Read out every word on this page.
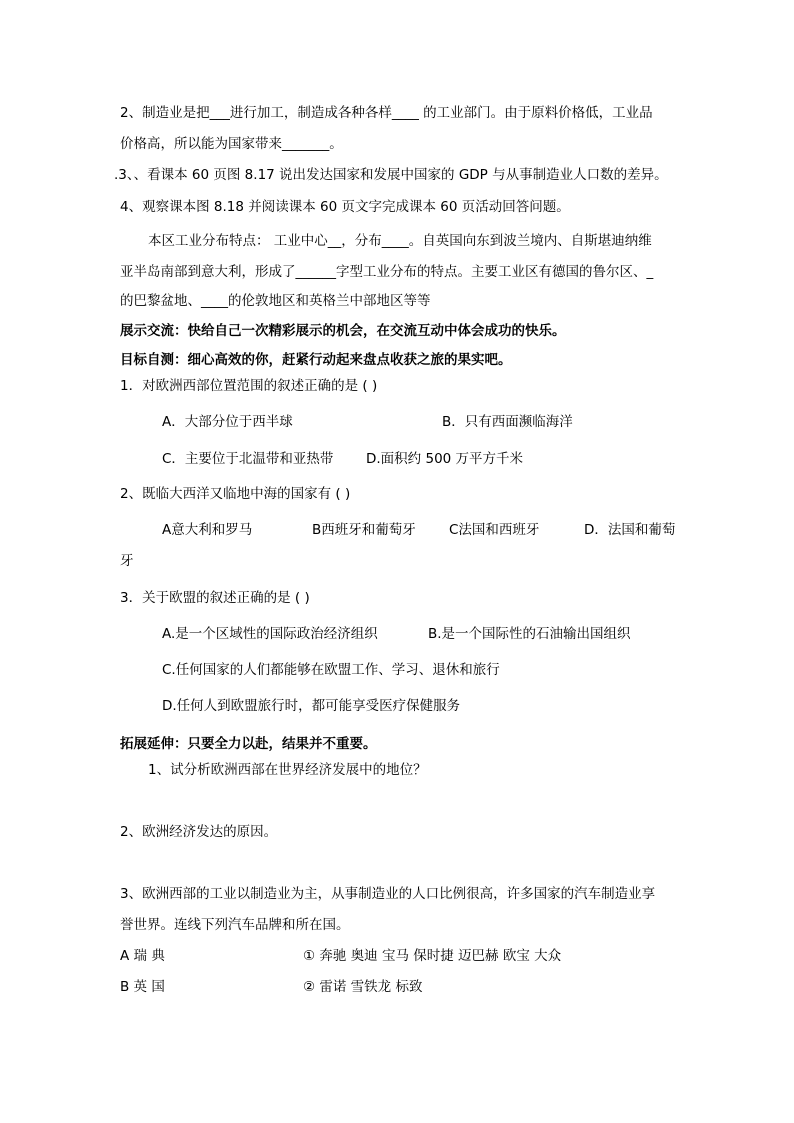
2、制造业是把___进行加工，制造成各种各样____ 的工业部门。由于原料价格低，工业品
价格高，所以能为国家带来_______。
.3、、看课本 60 页图 8.17 说出发达国家和发展中国家的 GDP 与从事制造业人口数的差异。
4、观察课本图 8.18 并阅读课本 60 页文字完成课本 60 页活动回答问题。
本区工业分布特点： 工业中心__，分布____。自英国向东到波兰境内、自斯堪迪纳维
亚半岛南部到意大利，形成了______字型工业分布的特点。主要工业区有德国的鲁尔区、_
的巴黎盆地、____的伦敦地区和英格兰中部地区等等
展示交流：快给自己一次精彩展示的机会，在交流互动中体会成功的快乐。
目标自测：细心高效的你，赶紧行动起来盘点收获之旅的果实吧。
1．对欧洲西部位置范围的叙述正确的是 ( )
A．大部分位于西半球	B．只有西面濒临海洋
C．主要位于北温带和亚热带 D.面积约 500 万平方千米
2、既临大西洋又临地中海的国家有 ( )
A意大利和罗马	B西班牙和葡萄牙 C法国和西班牙	D．法国和葡萄
牙
3．关于欧盟的叙述正确的是 ( )
A.是一个区域性的国际政治经济组织	B.是一个国际性的石油输出国组织
C.任何国家的人们都能够在欧盟工作、学习、退休和旅行
D.任何人到欧盟旅行时，都可能享受医疗保健服务
拓展延伸：只要全力以赴，结果并不重要。
1、试分析欧洲西部在世界经济发展中的地位？
2、欧洲经济发达的原因。
3、欧洲西部的工业以制造业为主，从事制造业的人口比例很高，许多国家的汽车制造业享
誉世界。连线下列汽车品牌和所在国。
A 瑞 典	① 奔驰 奥迪 宝马 保时捷 迈巴赫 欧宝 大众
B 英 国	② 雷诺 雪铁龙 标致
